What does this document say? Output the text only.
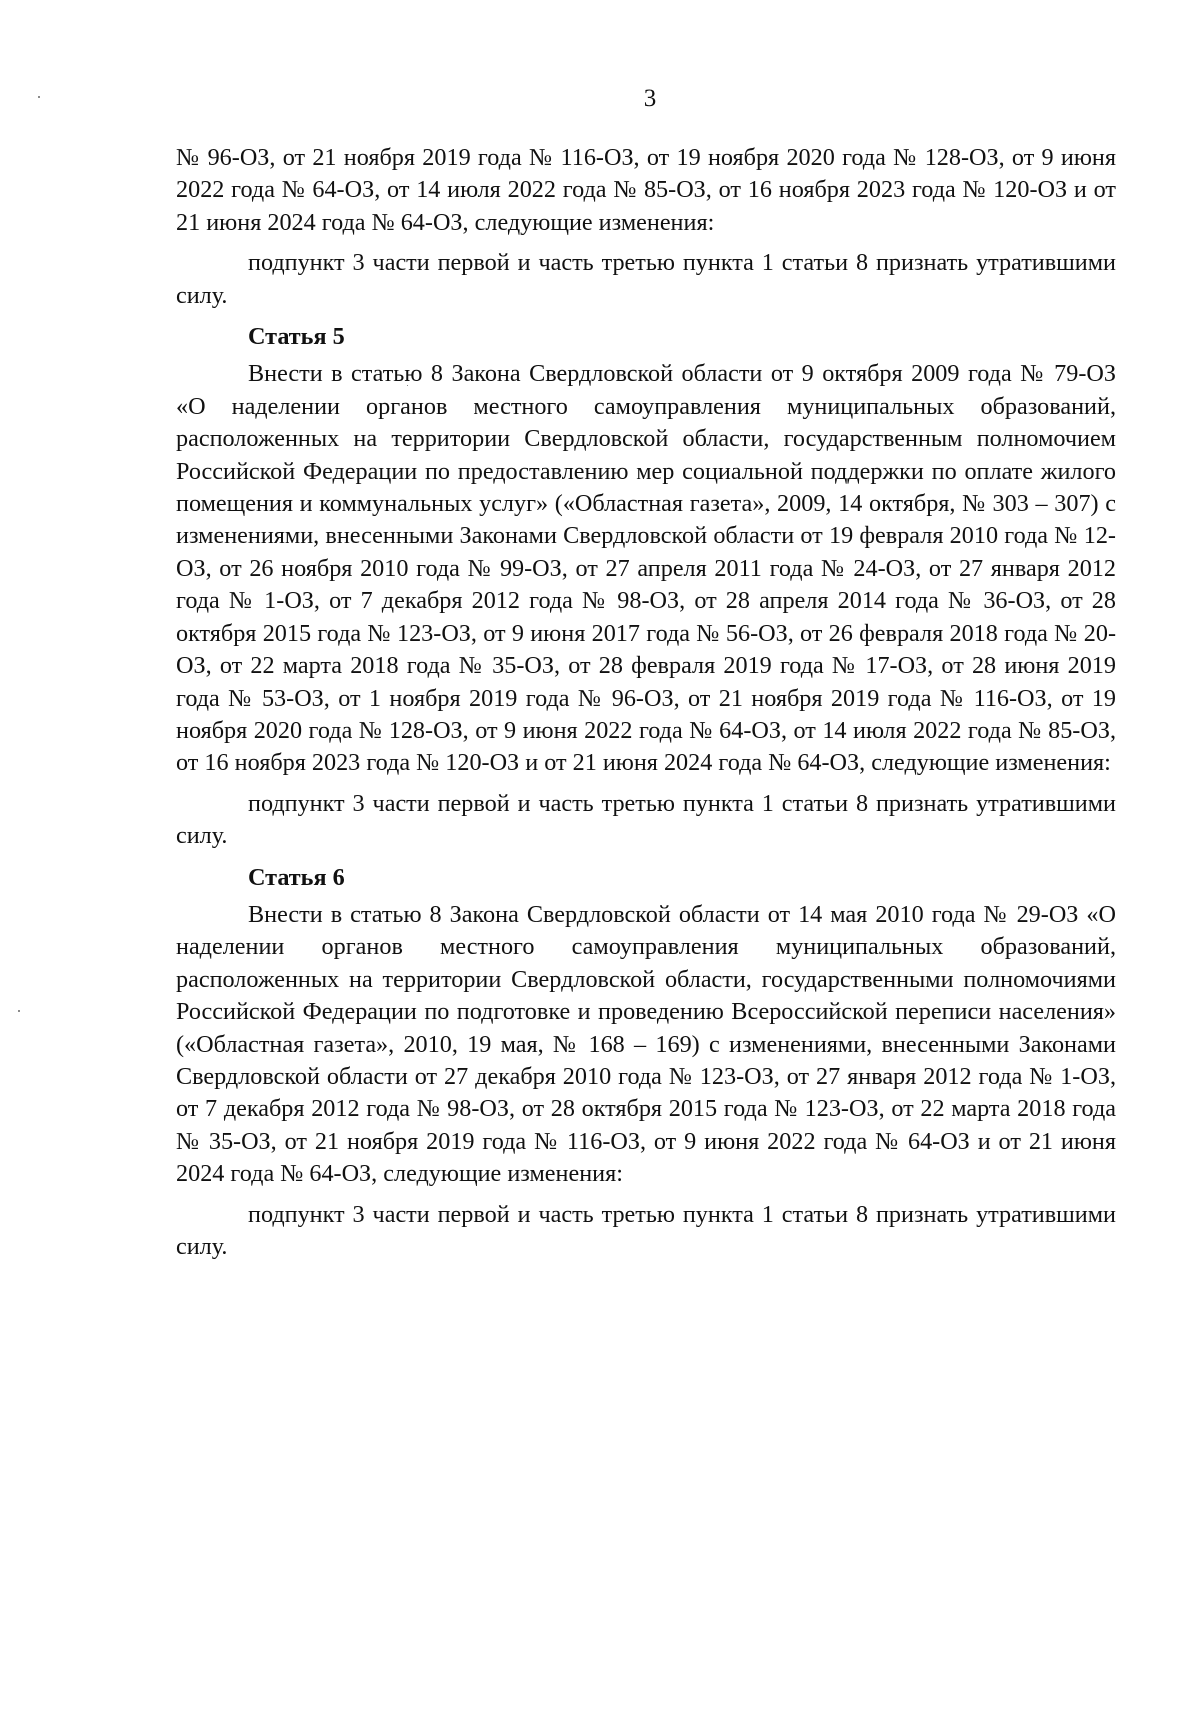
3

№ 96-ОЗ, от 21 ноября 2019 года № 116-ОЗ, от 19 ноября 2020 года № 128-ОЗ, от 9 июня 2022 года № 64-ОЗ, от 14 июля 2022 года № 85-ОЗ, от 16 ноября 2023 года № 120-ОЗ и от 21 июня 2024 года № 64-ОЗ, следующие изменения:

подпункт 3 части первой и часть третью пункта 1 статьи 8 признать утратившими силу.

Статья 5

Внести в статью 8 Закона Свердловской области от 9 октября 2009 года № 79-ОЗ «О наделении органов местного самоуправления муниципальных образований, расположенных на территории Свердловской области, государственным полномочием Российской Федерации по предоставлению мер социальной поддержки по оплате жилого помещения и коммунальных услуг» («Областная газета», 2009, 14 октября, № 303 – 307) с изменениями, внесенными Законами Свердловской области от 19 февраля 2010 года № 12-ОЗ, от 26 ноября 2010 года № 99-ОЗ, от 27 апреля 2011 года № 24-ОЗ, от 27 января 2012 года № 1-ОЗ, от 7 декабря 2012 года № 98-ОЗ, от 28 апреля 2014 года № 36-ОЗ, от 28 октября 2015 года № 123-ОЗ, от 9 июня 2017 года № 56-ОЗ, от 26 февраля 2018 года № 20-ОЗ, от 22 марта 2018 года № 35-ОЗ, от 28 февраля 2019 года № 17-ОЗ, от 28 июня 2019 года № 53-ОЗ, от 1 ноября 2019 года № 96-ОЗ, от 21 ноября 2019 года № 116-ОЗ, от 19 ноября 2020 года № 128-ОЗ, от 9 июня 2022 года № 64-ОЗ, от 14 июля 2022 года № 85-ОЗ, от 16 ноября 2023 года № 120-ОЗ и от 21 июня 2024 года № 64-ОЗ, следующие изменения:

подпункт 3 части первой и часть третью пункта 1 статьи 8 признать утратившими силу.

Статья 6

Внести в статью 8 Закона Свердловской области от 14 мая 2010 года № 29-ОЗ «О наделении органов местного самоуправления муниципальных образований, расположенных на территории Свердловской области, государственными полномочиями Российской Федерации по подготовке и проведению Всероссийской переписи населения» («Областная газета», 2010, 19 мая, № 168 – 169) с изменениями, внесенными Законами Свердловской области от 27 декабря 2010 года № 123-ОЗ, от 27 января 2012 года № 1-ОЗ, от 7 декабря 2012 года № 98-ОЗ, от 28 октября 2015 года № 123-ОЗ, от 22 марта 2018 года № 35-ОЗ, от 21 ноября 2019 года № 116-ОЗ, от 9 июня 2022 года № 64-ОЗ и от 21 июня 2024 года № 64-ОЗ, следующие изменения:

подпункт 3 части первой и часть третью пункта 1 статьи 8 признать утратившими силу.
